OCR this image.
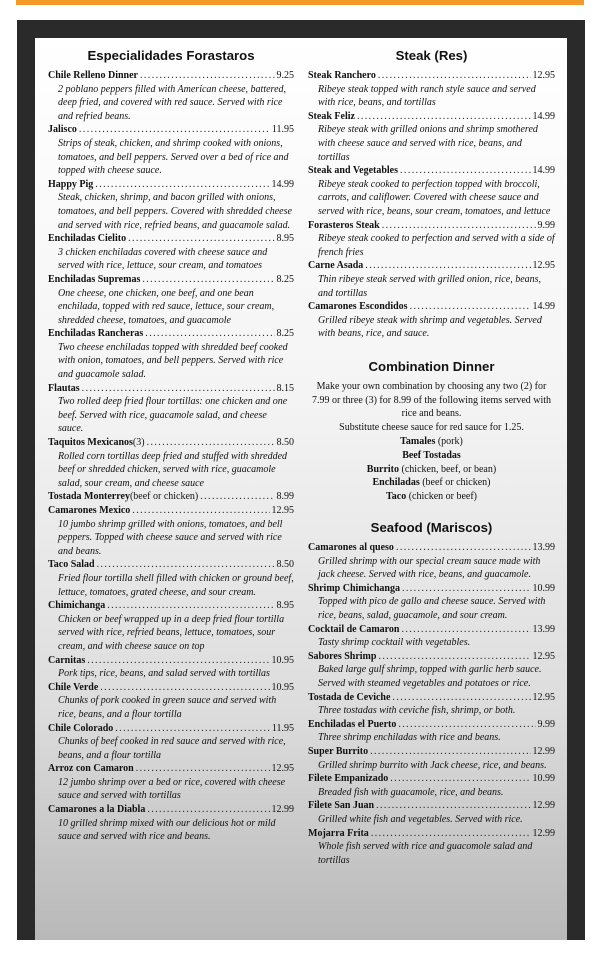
Especialidades Forastaros
Chile Relleno Dinner .....	9.25
2 poblano peppers filled with American cheese, battered, deep fried, and covered with red sauce. Served with rice and refried beans.
Jalisco .....	11.95
Strips of steak, chicken, and shrimp cooked with onions, tomatoes, and bell peppers. Served over a bed of rice and topped with cheese sauce.
Happy Pig .....	14.99
Steak, chicken, shrimp, and bacon grilled with onions, tomatoes, and bell peppers. Covered with shredded cheese and served with rice, refried beans, and guacamole salad.
Enchiladas Cielito .....	8.95
3 chicken enchiladas covered with cheese sauce and served with rice, lettuce, sour cream, and tomatoes
Enchiladas Supremas .....	8.25
One cheese, one chicken, one beef, and one bean enchilada, topped with red sauce, lettuce, sour cream, shredded cheese, tomatoes, and guacamole
Enchiladas Rancheras .....	8.25
Two cheese enchiladas topped with shredded beef cooked with onion, tomatoes, and bell peppers. Served with rice and guacamole salad.
Flautas .....	8.15
Two rolled deep fried flour tortillas: one chicken and one beef. Served with rice, guacamole salad, and cheese sauce.
Taquitos Mexicanos (3) .....	8.50
Rolled corn tortillas deep fried and stuffed with shredded beef or shredded chicken, served with rice, guacamole salad, sour cream, and cheese sauce
Tostada Monterrey (beef or chicken) .....	8.99
Camarones Mexico .....	12.95
10 jumbo shrimp grilled with onions, tomatoes, and bell peppers. Topped with cheese sauce and served with rice and beans.
Taco Salad .....	8.50
Fried flour tortilla shell filled with chicken or ground beef, lettuce, tomatoes, grated cheese, and sour cream.
Chimichanga .....	8.95
Chicken or beef wrapped up in a deep fried flour tortilla served with rice, refried beans, lettuce, tomatoes, sour cream, and with cheese sauce on top
Carnitas .....	10.95
Pork tips, rice, beans, and salad served with tortillas
Chile Verde .....	10.95
Chunks of pork cooked in green sauce and served with rice, beans, and a flour tortilla
Chile Colorado .....	11.95
Chunks of beef cooked in red sauce and served with rice, beans, and a flour tortilla
Arroz con Camaron .....	12.95
12 jumbo shrimp over a bed or rice, covered with cheese sauce and served with tortillas
Camarones a la Diabla .....	12.99
10 grilled shrimp mixed with our delicious hot or mild sauce and served with rice and beans.
Steak (Res)
Steak Ranchero .....	12.95
Ribeye steak topped with ranch style sauce and served with rice, beans, and tortillas
Steak Feliz .....	14.99
Ribeye steak with grilled onions and shrimp smothered with cheese sauce and served with rice, beans, and tortillas
Steak and Vegetables .....	14.99
Ribeye steak cooked to perfection topped with broccoli, carrots, and califlower. Covered with cheese sauce and served with rice, beans, sour cream, tomatoes, and lettuce
Forasteros Steak .....	9.99
Ribeye steak cooked to perfection and served with a side of french fries
Carne Asada .....	12.95
Thin ribeye steak served with grilled onion, rice, beans, and tortillas
Camarones Escondidos .....	14.99
Grilled ribeye steak with shrimp and vegetables. Served with beans, rice, and sauce.
Combination Dinner
Make your own combination by choosing any two (2) for 7.99 or three (3) for 8.99 of the following items served with rice and beans.
Substitute cheese sauce for red sauce for 1.25.
Tamales (pork)
Beef Tostadas
Burrito (chicken, beef, or bean)
Enchiladas (beef or chicken)
Taco (chicken or beef)
Seafood (Mariscos)
Camarones al queso .....	13.99
Grilled shrimp with our special cream sauce made with jack cheese. Served with rice, beans, and guacamole.
Shrimp Chimichanga .....	10.99
Topped with pico de gallo and cheese sauce. Served with rice, beans, salad, guacamole, and sour cream.
Cocktail de Camaron .....	13.99
Tasty shrimp cocktail with vegetables.
Sabores Shrimp .....	12.95
Baked large gulf shrimp, topped with garlic herb sauce. Served with steamed vegetables and potatoes or rice.
Tostada de Ceviche .....	12.95
Three tostadas with ceviche fish, shrimp, or both.
Enchiladas el Puerto .....	9.99
Three shrimp enchiladas with rice and beans.
Super Burrito .....	12.99
Grilled shrimp burrito with Jack cheese, rice, and beans.
Filete Empanizado .....	10.99
Breaded fish with guacamole, rice, and beans.
Filete San Juan .....	12.99
Grilled white fish and vegetables. Served with rice.
Mojarra Frita .....	12.99
Whole fish served with rice and guacomole salad and tortillas
